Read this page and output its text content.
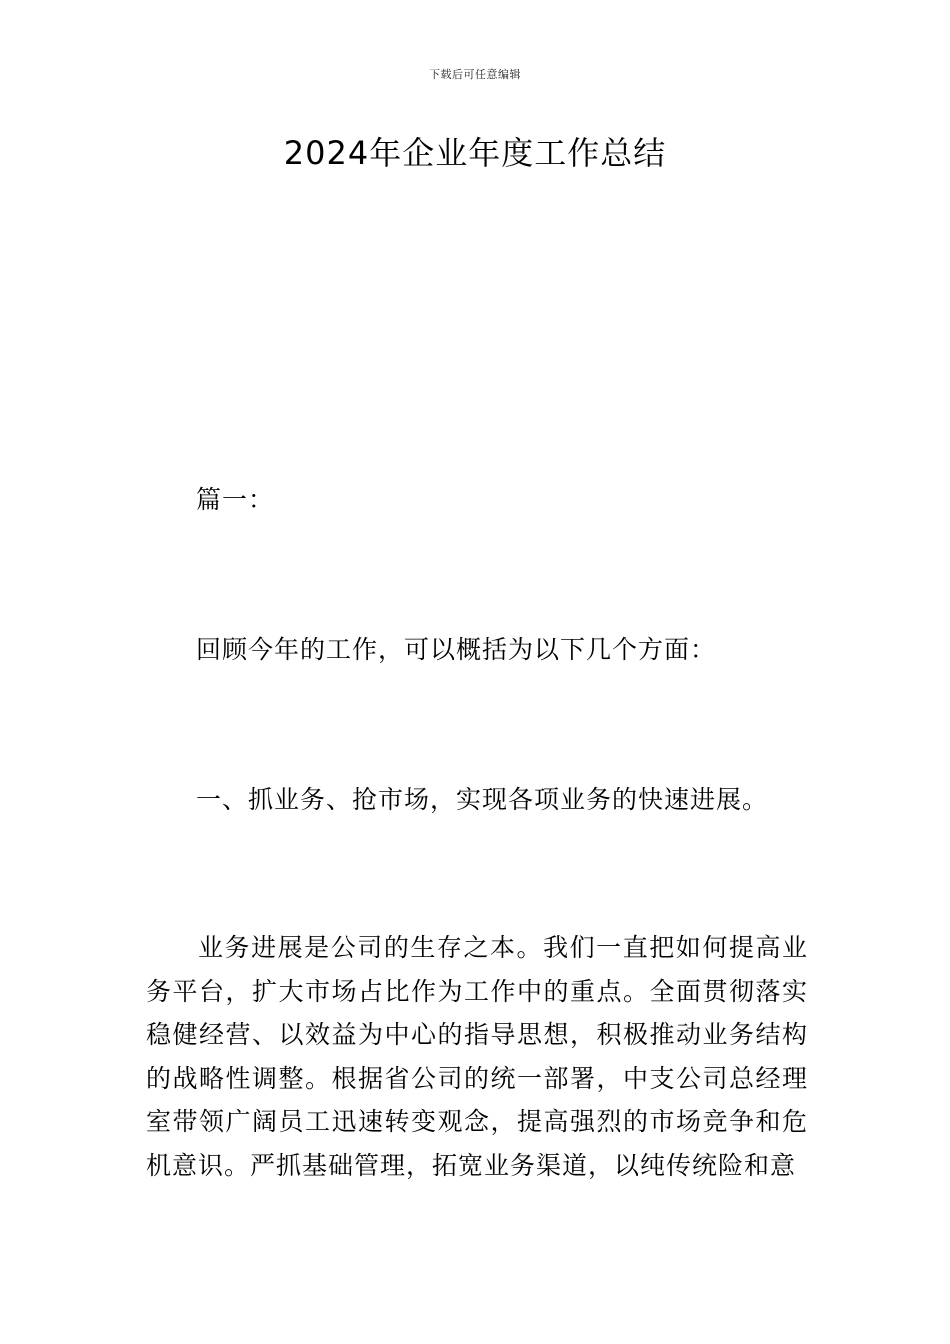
下载后可任意编辑
2024年企业年度工作总结

篇一：

回顾今年的工作，可以概括为以下几个方面：

一、抓业务、抢市场，实现各项业务的快速进展。

业务进展是公司的生存之本。我们一直把如何提高业务平台，扩大市场占比作为工作中的重点。全面贯彻落实稳健经营、以效益为中心的指导思想，积极推动业务结构的战略性调整。根据省公司的统一部署，中支公司总经理室带领广阔员工迅速转变观念，提高强烈的市场竞争和危机意识。严抓基础管理，拓宽业务渠道，以纯传统险和意
